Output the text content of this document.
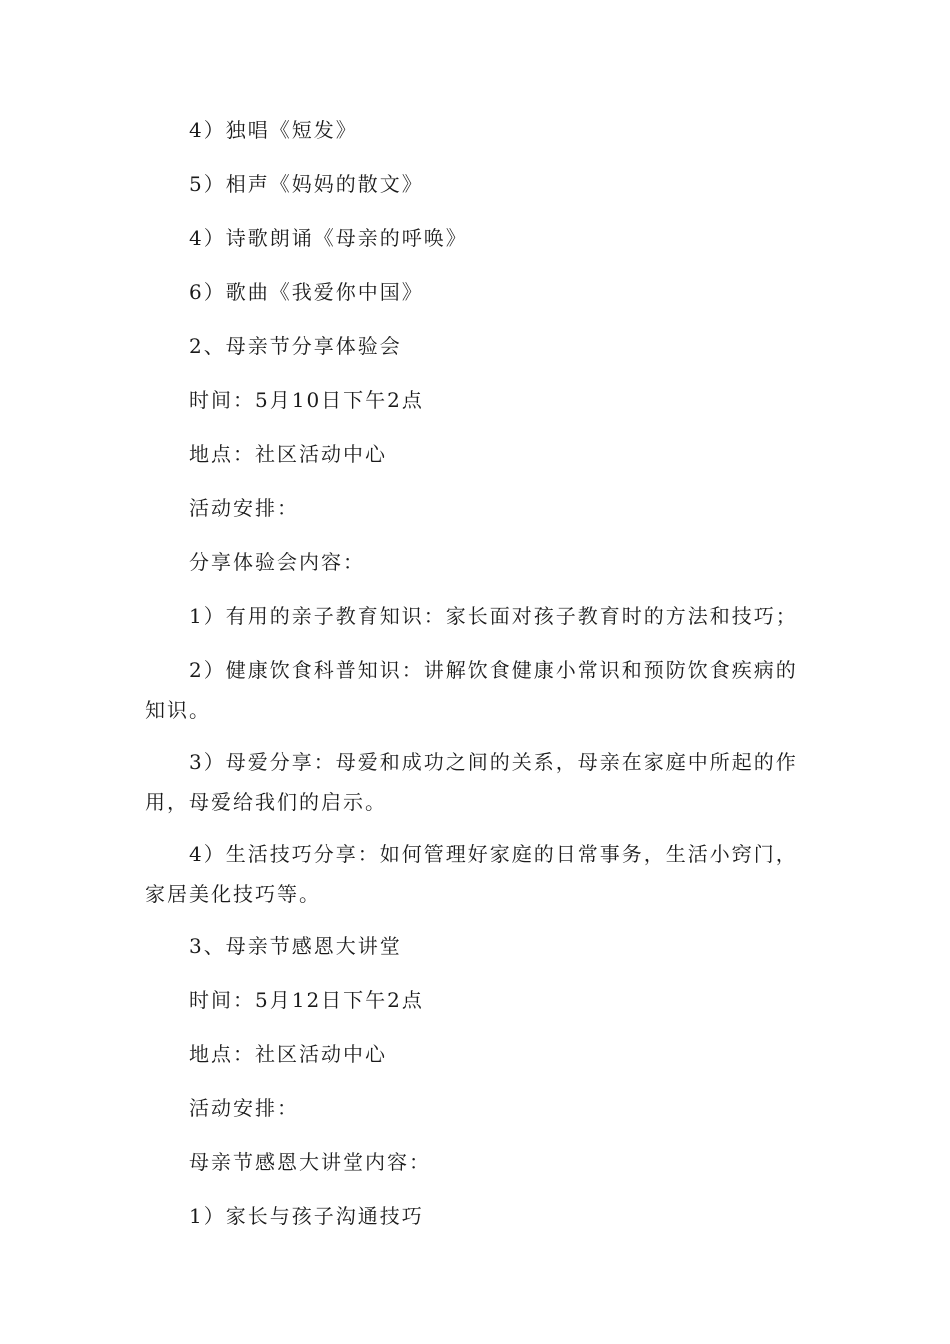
4）独唱《短发》

5）相声《妈妈的散文》

4）诗歌朗诵《母亲的呼唤》

6）歌曲《我爱你中国》

2、母亲节分享体验会

时间：5月10日下午2点

地点：社区活动中心

活动安排：

分享体验会内容：

1）有用的亲子教育知识：家长面对孩子教育时的方法和技巧；

2）健康饮食科普知识：讲解饮食健康小常识和预防饮食疾病的知识。

3）母爱分享：母爱和成功之间的关系，母亲在家庭中所起的作用，母爱给我们的启示。

4）生活技巧分享：如何管理好家庭的日常事务，生活小窍门，家居美化技巧等。

3、母亲节感恩大讲堂

时间：5月12日下午2点

地点：社区活动中心

活动安排：

母亲节感恩大讲堂内容：

1）家长与孩子沟通技巧
